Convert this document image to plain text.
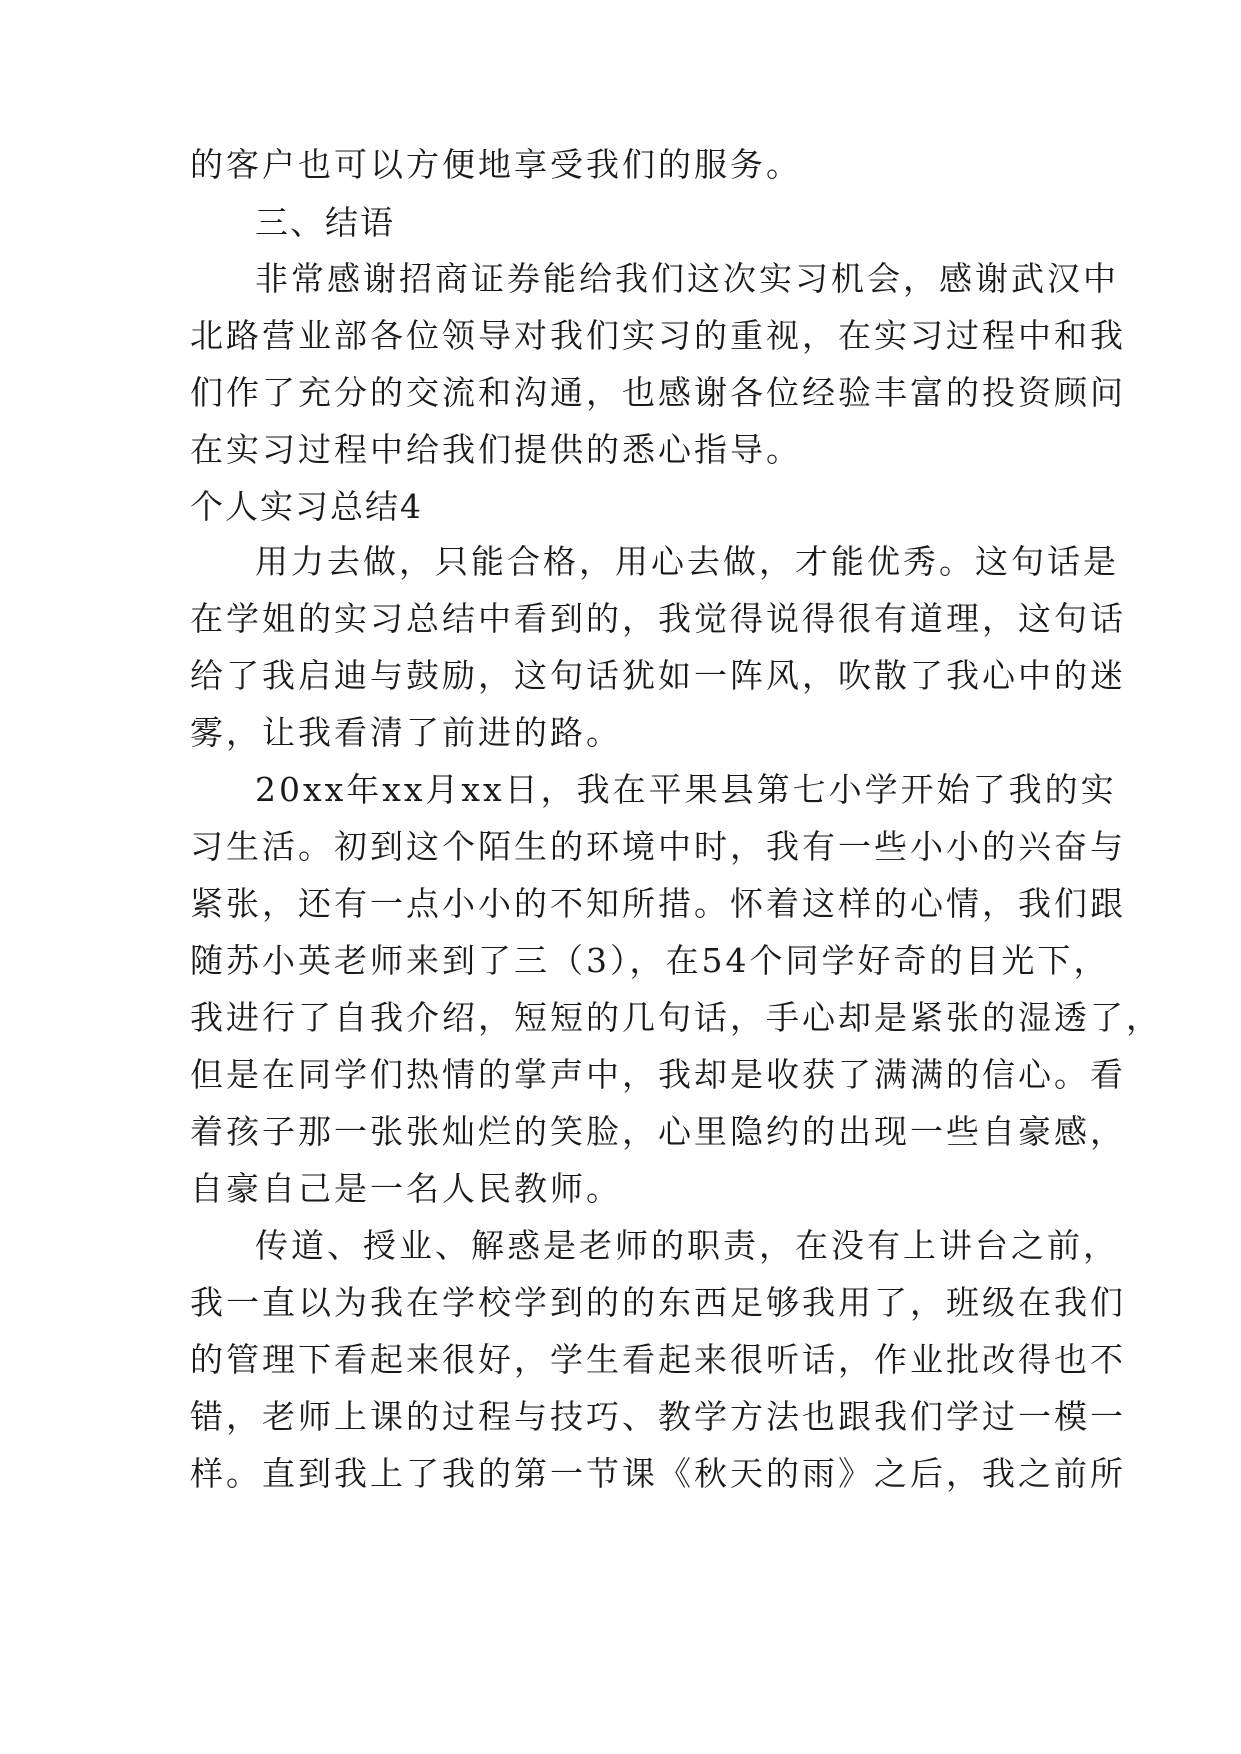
的客户也可以方便地享受我们的服务。
三、结语
非常感谢招商证券能给我们这次实习机会，感谢武汉中
北路营业部各位领导对我们实习的重视，在实习过程中和我
们作了充分的交流和沟通，也感谢各位经验丰富的投资顾问
在实习过程中给我们提供的悉心指导。
个人实习总结4
用力去做，只能合格，用心去做，才能优秀。这句话是
在学姐的实习总结中看到的，我觉得说得很有道理，这句话
给了我启迪与鼓励，这句话犹如一阵风，吹散了我心中的迷
雾，让我看清了前进的路。
20xx年xx月xx日，我在平果县第七小学开始了我的实
习生活。初到这个陌生的环境中时，我有一些小小的兴奋与
紧张，还有一点小小的不知所措。怀着这样的心情，我们跟
随苏小英老师来到了三（3），在54个同学好奇的目光下，
我进行了自我介绍，短短的几句话，手心却是紧张的湿透了，
但是在同学们热情的掌声中，我却是收获了满满的信心。看
着孩子那一张张灿烂的笑脸，心里隐约的出现一些自豪感，
自豪自己是一名人民教师。
传道、授业、解惑是老师的职责，在没有上讲台之前，
我一直以为我在学校学到的的东西足够我用了，班级在我们
的管理下看起来很好，学生看起来很听话，作业批改得也不
错，老师上课的过程与技巧、教学方法也跟我们学过一模一
样。直到我上了我的第一节课《秋天的雨》之后，我之前所
